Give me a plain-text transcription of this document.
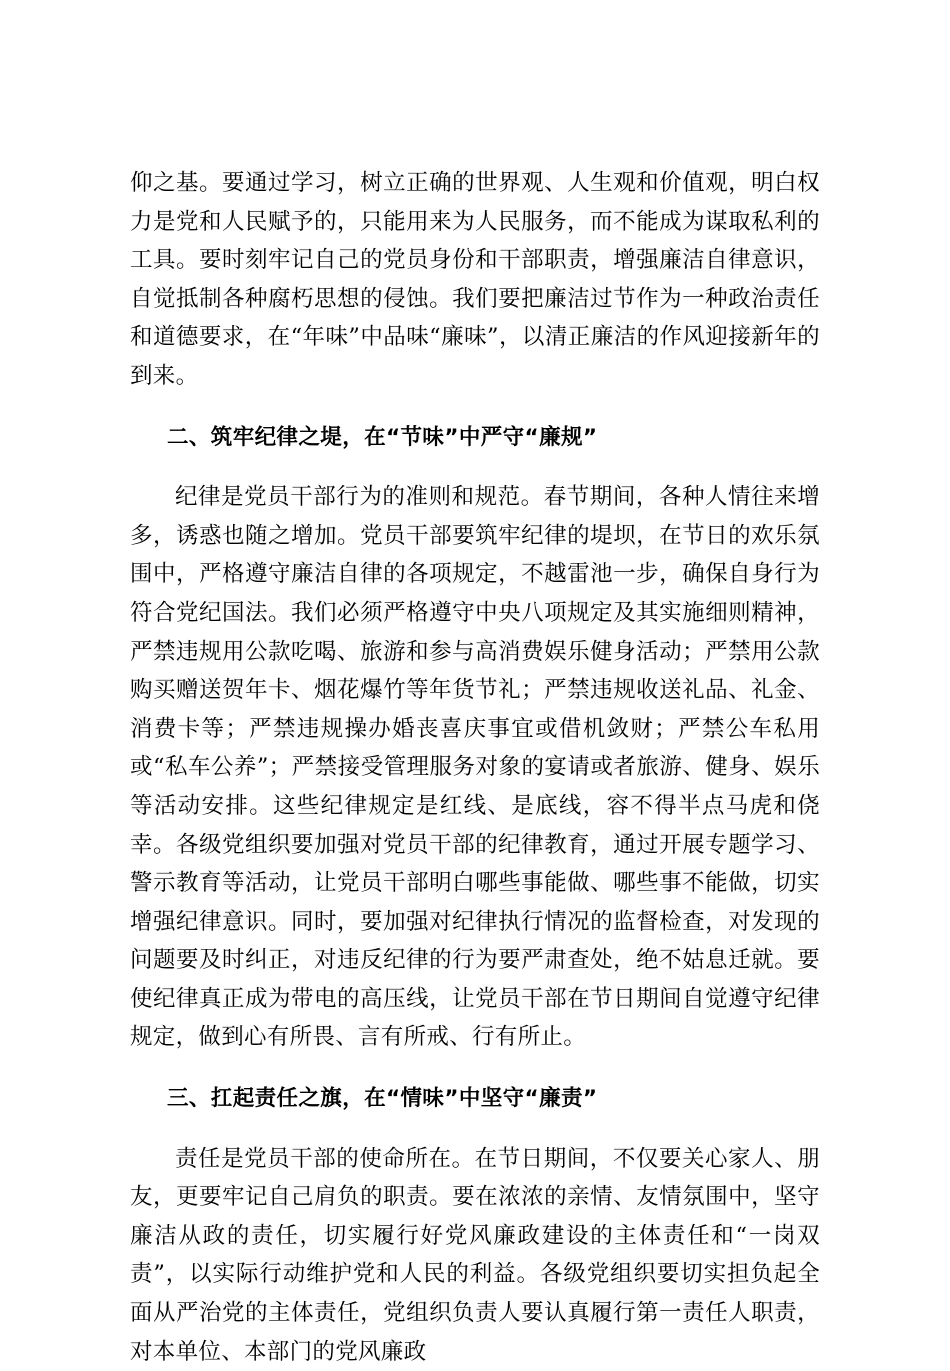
仰之基。要通过学习，树立正确的世界观、人生观和价值观，明白权力是党和人民赋予的，只能用来为人民服务，而不能成为谋取私利的工具。要时刻牢记自己的党员身份和干部职责，增强廉洁自律意识，自觉抵制各种腐朽思想的侵蚀。我们要把廉洁过节作为一种政治责任和道德要求，在“年味”中品味“廉味”，以清正廉洁的作风迎接新年的到来。

二、筑牢纪律之堤，在“节味”中严守“廉规”

纪律是党员干部行为的准则和规范。春节期间，各种人情往来增多，诱惑也随之增加。党员干部要筑牢纪律的堤坝，在节日的欢乐氛围中，严格遵守廉洁自律的各项规定，不越雷池一步，确保自身行为符合党纪国法。我们必须严格遵守中央八项规定及其实施细则精神，严禁违规用公款吃喝、旅游和参与高消费娱乐健身活动；严禁用公款购买赠送贺年卡、烟花爆竹等年货节礼；严禁违规收送礼品、礼金、消费卡等；严禁违规操办婚丧喜庆事宜或借机敛财；严禁公车私用或“私车公养”；严禁接受管理服务对象的宴请或者旅游、健身、娱乐等活动安排。这些纪律规定是红线、是底线，容不得半点马虎和侥幸。各级党组织要加强对党员干部的纪律教育，通过开展专题学习、警示教育等活动，让党员干部明白哪些事能做、哪些事不能做，切实增强纪律意识。同时，要加强对纪律执行情况的监督检查，对发现的问题要及时纠正，对违反纪律的行为要严肃查处，绝不姑息迁就。要使纪律真正成为带电的高压线，让党员干部在节日期间自觉遵守纪律规定，做到心有所畏、言有所戒、行有所止。

三、扛起责任之旗，在“情味”中坚守“廉责”

责任是党员干部的使命所在。在节日期间，不仅要关心家人、朋友，更要牢记自己肩负的职责。要在浓浓的亲情、友情氛围中，坚守廉洁从政的责任，切实履行好党风廉政建设的主体责任和“一岗双责”，以实际行动维护党和人民的利益。各级党组织要切实担负起全面从严治党的主体责任，党组织负责人要认真履行第一责任人职责，对本单位、本部门的党风廉政
